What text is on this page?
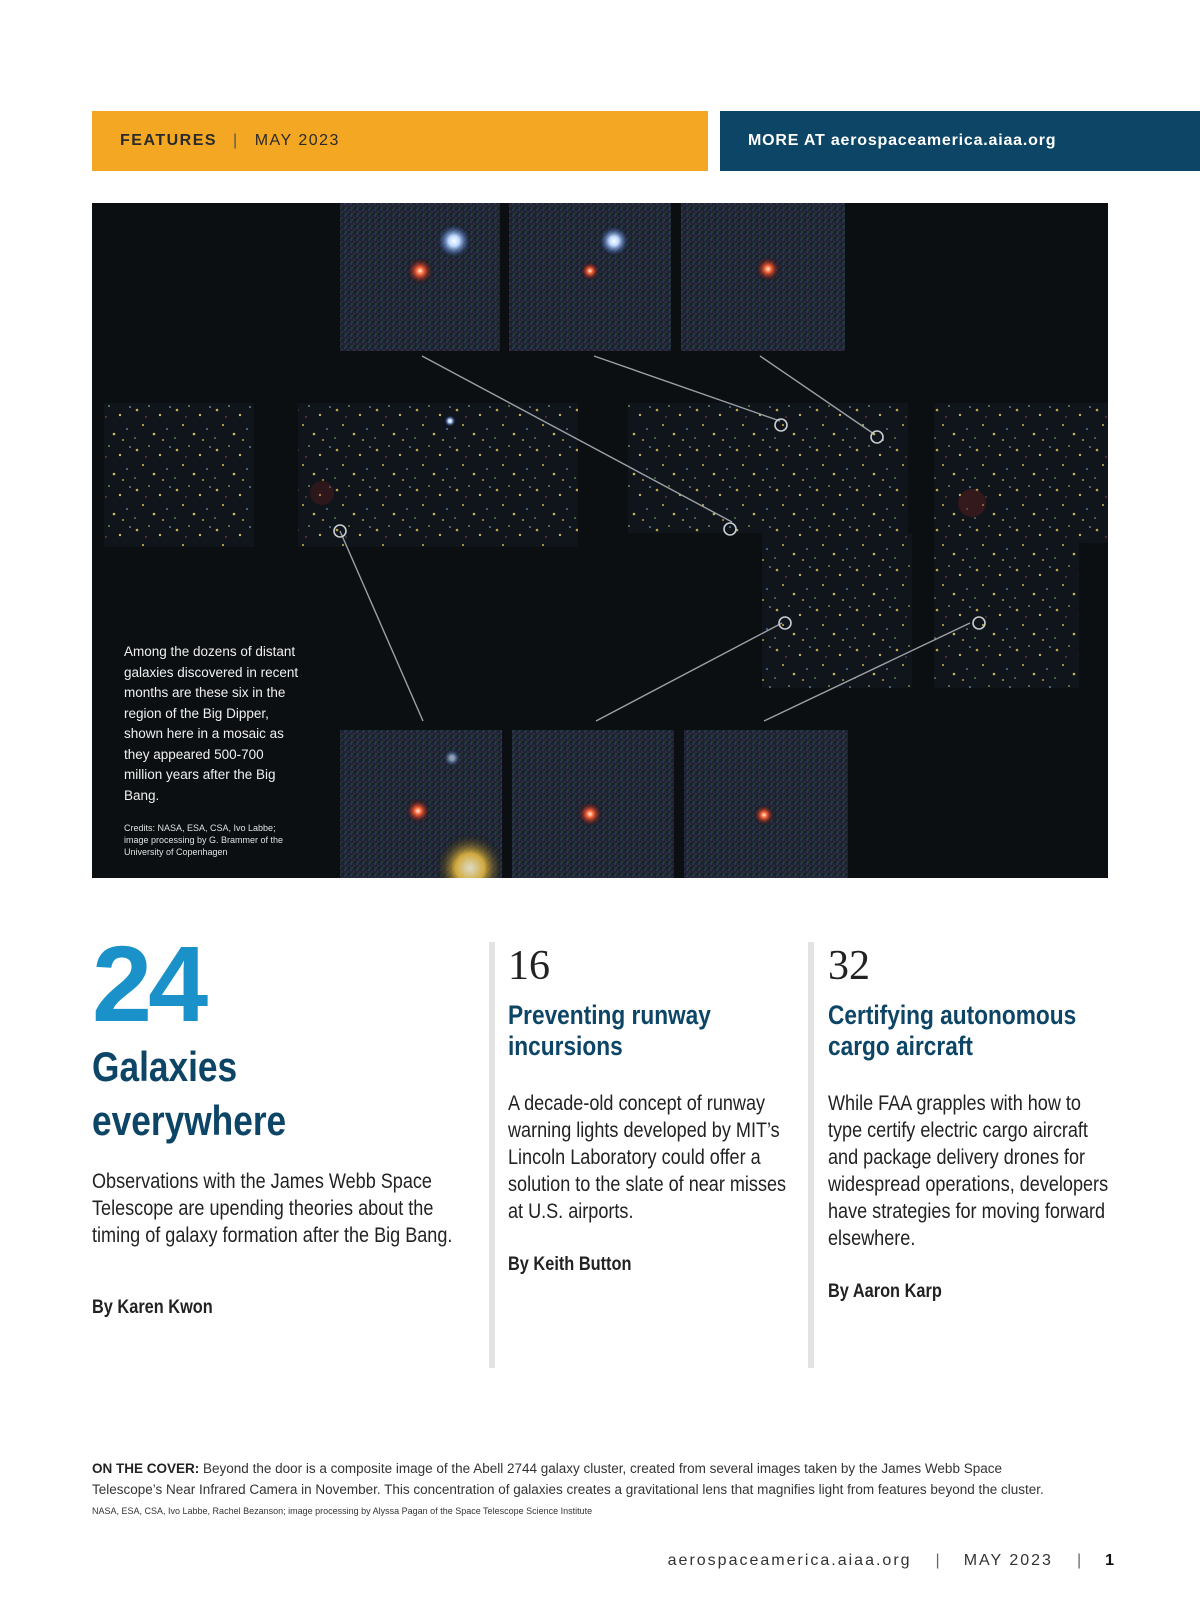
FEATURES | MAY 2023	MORE AT aerospaceamerica.aiaa.org
Among the dozens of distant galaxies discovered in recent months are these six in the region of the Big Dipper, shown here in a mosaic as they appeared 500-700 million years after the Big Bang.
Credits: NASA, ESA, CSA, Ivo Labbe; image processing by G. Brammer of the University of Copenhagen
24
Galaxies everywhere
Observations with the James Webb Space Telescope are upending theories about the timing of galaxy formation after the Big Bang.
By Karen Kwon
16
Preventing runway incursions
A decade-old concept of runway warning lights developed by MIT’s Lincoln Laboratory could offer a solution to the slate of near misses at U.S. airports.
By Keith Button
32
Certifying autonomous cargo aircraft
While FAA grapples with how to type certify electric cargo aircraft and package delivery drones for widespread operations, developers have strategies for moving forward elsewhere.
By Aaron Karp
ON THE COVER: Beyond the door is a composite image of the Abell 2744 galaxy cluster, created from several images taken by the James Webb Space Telescope’s Near Infrared Camera in November. This concentration of galaxies creates a gravitational lens that magnifies light from features beyond the cluster. NASA, ESA, CSA, Ivo Labbe, Rachel Bezanson; image processing by Alyssa Pagan of the Space Telescope Science Institute
aerospaceamerica.aiaa.org | MAY 2023 | 1
